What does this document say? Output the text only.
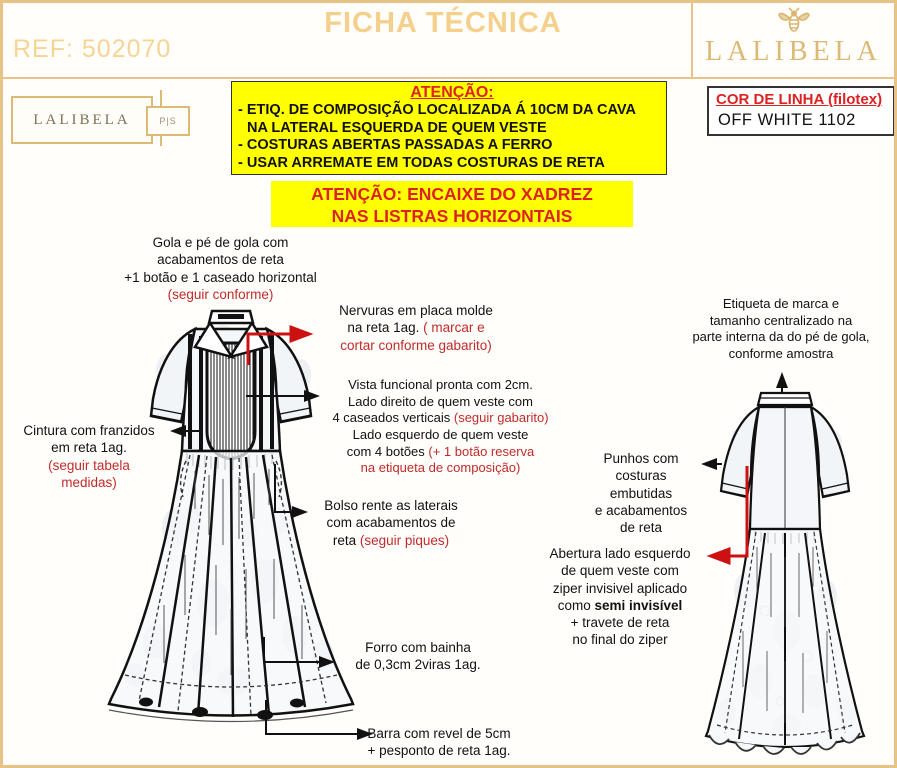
REF: 502070
FICHA TÉCNICA
LALIBELA
LALIBELA	P|S
ATENÇÃO:
- ETIQ. DE COMPOSIÇÃO LOCALIZADA Á 10CM DA CAVA
NA LATERAL ESQUERDA DE QUEM VESTE
- COSTURAS ABERTAS PASSADAS A FERRO
- USAR ARREMATE EM TODAS COSTURAS DE RETA
COR DE LINHA (filotex)
OFF WHITE 1102
ATENÇÃO: ENCAIXE DO XADREZ
NAS LISTRAS HORIZONTAIS
Gola e pé de gola com
acabamentos de reta
+1 botão e 1 caseado horizontal
(seguir conforme)
Nervuras em placa molde
na reta 1ag. ( marcar e
cortar conforme gabarito)
Vista funcional pronta com 2cm.
Lado direito de quem veste com
4 caseados verticais (seguir gabarito)
Lado esquerdo de quem veste
com 4 botões (+ 1 botão reserva
na etiqueta de composição)
Cintura com franzidos
em reta 1ag.
(seguir tabela
medidas)
Bolso rente as laterais
com acabamentos de
reta (seguir piques)
Forro com bainha
de 0,3cm 2viras 1ag.
Barra com revel de 5cm
+ pesponto de reta 1ag.
Etiqueta de marca e
tamanho centralizado na
parte interna da do pé de gola,
conforme amostra
Punhos com
costuras embutidas
e acabamentos
de reta
Abertura lado esquerdo
de quem veste com
ziper invisivel aplicado
como semi invisível
+ travete de reta
no final do ziper
